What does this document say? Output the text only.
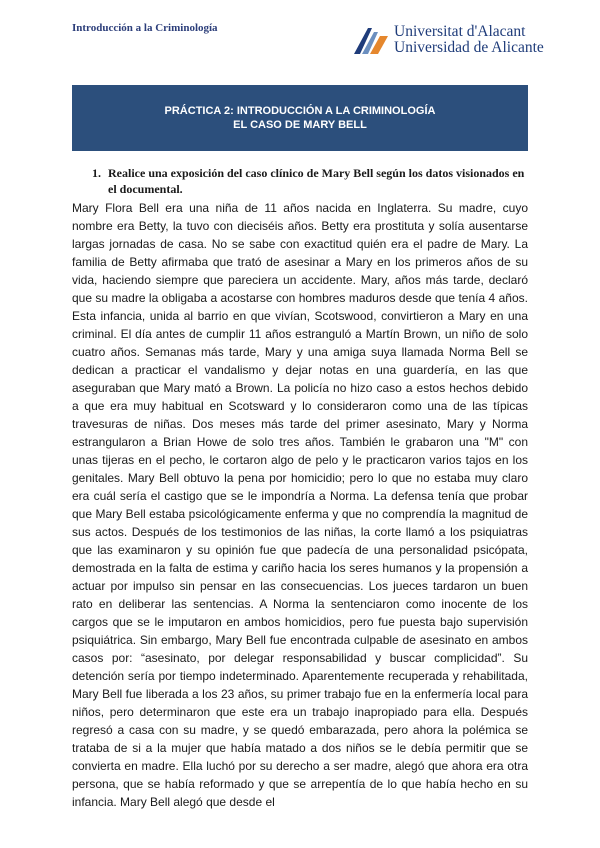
Introducción a la Criminología	Universitat d'Alacant
Universidad de Alicante
PRÁCTICA 2: INTRODUCCIÓN A LA CRIMINOLOGÍA
EL CASO DE MARY BELL
1. Realice una exposición del caso clínico de Mary Bell según los datos visionados en el documental.

Mary Flora Bell era una niña de 11 años nacida en Inglaterra. Su madre, cuyo nombre era Betty, la tuvo con dieciséis años. Betty era prostituta y solía ausentarse largas jornadas de casa. No se sabe con exactitud quién era el padre de Mary. La familia de Betty afirmaba que trató de asesinar a Mary en los primeros años de su vida, haciendo siempre que pareciera un accidente. Mary, años más tarde, declaró que su madre la obligaba a acostarse con hombres maduros desde que tenía 4 años. Esta infancia, unida al barrio en que vivían, Scotswood, convirtieron a Mary en una criminal. El día antes de cumplir 11 años estranguló a Martín Brown, un niño de solo cuatro años. Semanas más tarde, Mary y una amiga suya llamada Norma Bell se dedican a practicar el vandalismo y dejar notas en una guardería, en las que aseguraban que Mary mató a Brown. La policía no hizo caso a estos hechos debido a que era muy habitual en Scotsward y lo consideraron como una de las típicas travesuras de niñas. Dos meses más tarde del primer asesinato, Mary y Norma estrangularon a Brian Howe de solo tres años. También le grabaron una "M" con unas tijeras en el pecho, le cortaron algo de pelo y le practicaron varios tajos en los genitales. Mary Bell obtuvo la pena por homicidio; pero lo que no estaba muy claro era cuál sería el castigo que se le impondría a Norma. La defensa tenía que probar que Mary Bell estaba psicológicamente enferma y que no comprendía la magnitud de sus actos. Después de los testimonios de las niñas, la corte llamó a los psiquiatras que las examinaron y su opinión fue que padecía de una personalidad psicópata, demostrada en la falta de estima y cariño hacia los seres humanos y la propensión a actuar por impulso sin pensar en las consecuencias. Los jueces tardaron un buen rato en deliberar las sentencias. A Norma la sentenciaron como inocente de los cargos que se le imputaron en ambos homicidios, pero fue puesta bajo supervisión psiquiátrica. Sin embargo, Mary Bell fue encontrada culpable de asesinato en ambos casos por: “asesinato, por delegar responsabilidad y buscar complicidad”. Su detención sería por tiempo indeterminado. Aparentemente recuperada y rehabilitada, Mary Bell fue liberada a los 23 años, su primer trabajo fue en la enfermería local para niños, pero determinaron que este era un trabajo inapropiado para ella. Después regresó a casa con su madre, y se quedó embarazada, pero ahora la polémica se trataba de si a la mujer que había matado a dos niños se le debía permitir que se convierta en madre. Ella luchó por su derecho a ser madre, alegó que ahora era otra persona, que se había reformado y que se arrepentía de lo que había hecho en su infancia. Mary Bell alegó que desde el
